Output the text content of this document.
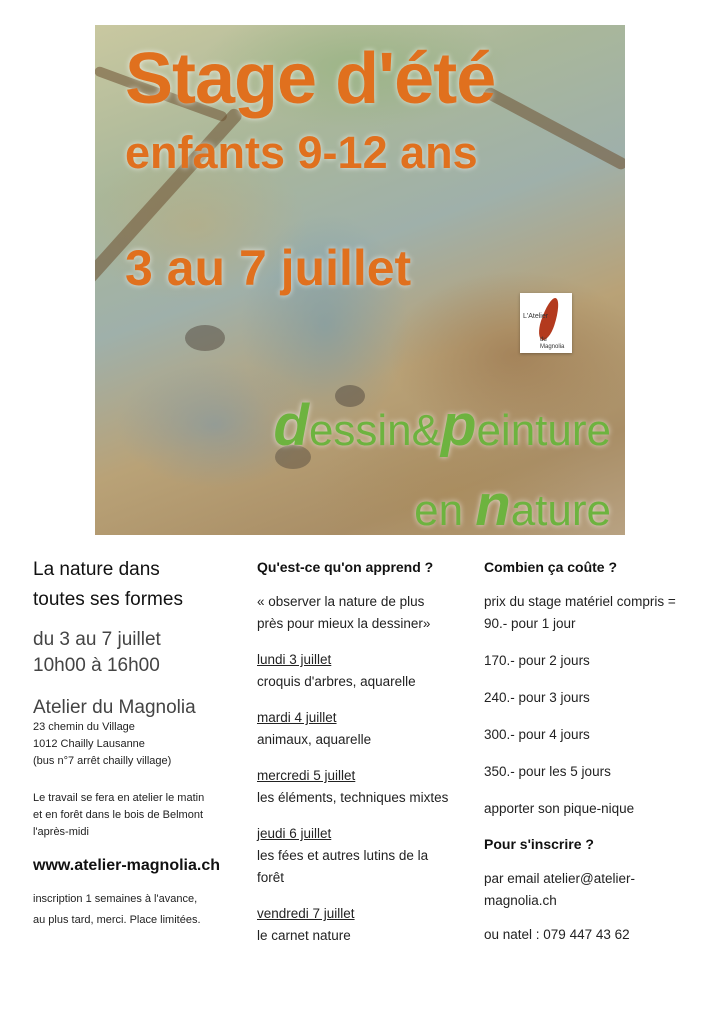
Stage d'été
enfants 9-12 ans
3 au 7 juillet
L'Atelier
du
Magnolia
dessin&peinture
en nature
La nature dans
toutes ses formes
du 3 au 7 juillet
10h00 à 16h00
Atelier du Magnolia
23 chemin du Village
1012 Chailly Lausanne
(bus n°7 arrêt chailly village)
Le travail se fera en atelier le matin
et en forêt dans le bois de Belmont
l'après-midi
www.atelier-magnolia.ch
inscription 1 semaines à l'avance,
au plus tard, merci. Place limitées.
Qu'est-ce qu'on apprend ?
« observer la nature de plus
près pour mieux la dessiner»
lundi 3 juillet
croquis d'arbres, aquarelle
mardi 4 juillet
animaux, aquarelle
mercredi 5 juillet
les éléments, techniques mixtes
jeudi 6 juillet
les fées et autres lutins de la
forêt
vendredi 7 juillet
le carnet nature
Combien ça coûte ?
prix du stage matériel compris =
90.- pour 1 jour
170.- pour 2 jours
240.- pour 3 jours
300.- pour 4 jours
350.- pour les 5 jours
apporter son pique-nique
Pour s'inscrire ?
par email atelier@atelier-
magnolia.ch
ou natel : 079 447 43 62
